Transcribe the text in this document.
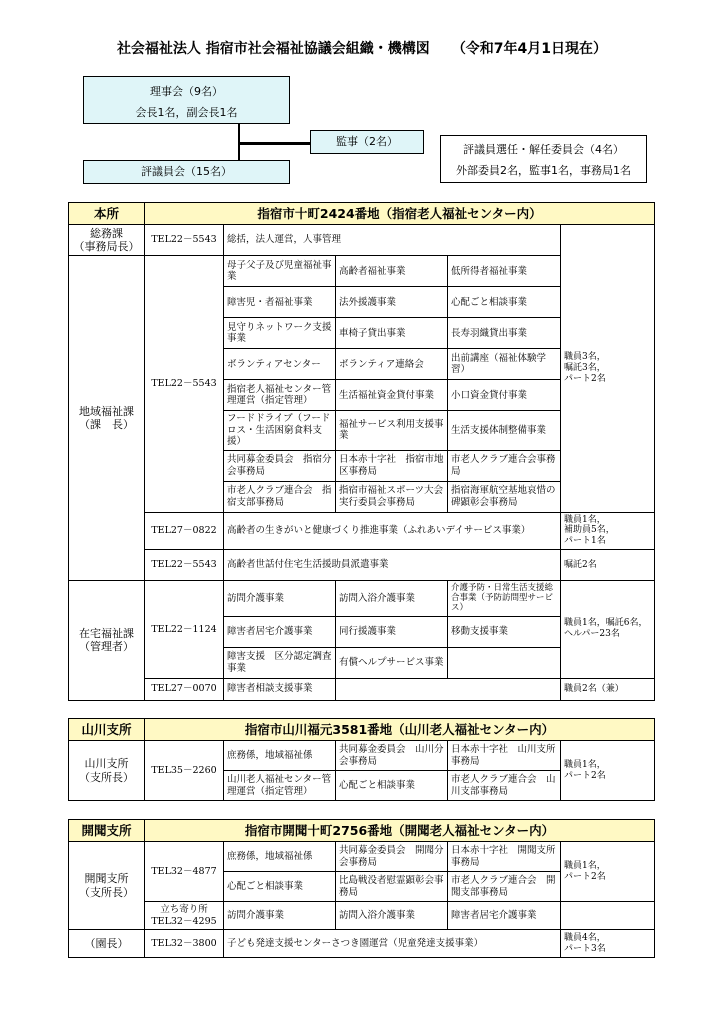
社会福祉法人 指宿市社会福祉協議会組織・機構図 （令和7年4月1日現在）
理事会（9名）
会長1名，副会長1名
監事（2名）
評議員会（15名）
評議員選任・解任委員会（4名）
外部委員2名，監事1名，事務局1名
本所	指宿市十町2424番地（指宿老人福祉センター内）				
総務課
（事務局長）	TEL22－5543	総括，法人運営，人事管理			職員3名，
嘱託3名，
パート2名
地域福祉課
（課　長）	TEL22－5543	母子父子及び児童福祉事業	高齢者福祉事業	低所得者福祉事業	
		障害児・者福祉事業	法外援護事業	心配ごと相談事業	
		見守りネットワーク支援事業	車椅子貸出事業	長寿羽織貸出事業	
		ボランティアセンター	ボランティア連絡会	出前講座（福祉体験学習）	
		指宿老人福祉センター管理運営（指定管理）	生活福祉資金貸付事業	小口資金貸付事業	
		フードドライブ（フードロス・生活困窮食料支援）	福祉サービス利用支援事業	生活支援体制整備事業	
		共同募金委員会　指宿分会事務局	日本赤十字社　指宿市地区事務局	市老人クラブ連合会事務局	
		市老人クラブ連合会　指宿支部事務局	指宿市福祉スポーツ大会実行委員会事務局	指宿海軍航空基地哀惜の碑顕彰会事務局	
	TEL27－0822	高齢者の生きがいと健康づくり推進事業（ふれあいデイサービス事業）			職員1名，
補助員5名，
パート1名
	TEL22－5543	高齢者世話付住宅生活援助員派遣事業			嘱託2名
在宅福祉課
（管理者）	TEL22－1124	訪問介護事業	訪問入浴介護事業	介護予防・日常生活支援総合事業（予防訪問型サービス）	職員1名，嘱託6名，
ヘルパー23名
		障害者居宅介護事業	同行援護事業	移動支援事業	
		障害支援　区分認定調査事業	有償ヘルプサービス事業		
	TEL27－0070	障害者相談支援事業			職員2名（兼）
山川支所	指宿市山川福元3581番地（山川老人福祉センター内）				
山川支所
（支所長）	TEL35－2260	庶務係，地域福祉係	共同募金委員会　山川分会事務局	日本赤十字社　山川支所事務局	職員1名，
パート2名
		山川老人福祉センター管理運営（指定管理）	心配ごと相談事業	市老人クラブ連合会　山川支部事務局	
開聞支所	指宿市開聞十町2756番地（開聞老人福祉センター内）				
開聞支所
（支所長）	TEL32－4877	庶務係，地域福祉係	共同募金委員会　開聞分会事務局	日本赤十字社　開聞支所事務局	職員1名，
パート2名
		心配ごと相談事業	比島戦没者慰霊顕彰会事務局	市老人クラブ連合会　開聞支部事務局	
	立ち寄り所
TEL32－4295	訪問介護事業	訪問入浴介護事業	障害者居宅介護事業	
（園長）	TEL32－3800	子ども発達支援センターさつき園運営（児童発達支援事業）			職員4名，
パート3名
